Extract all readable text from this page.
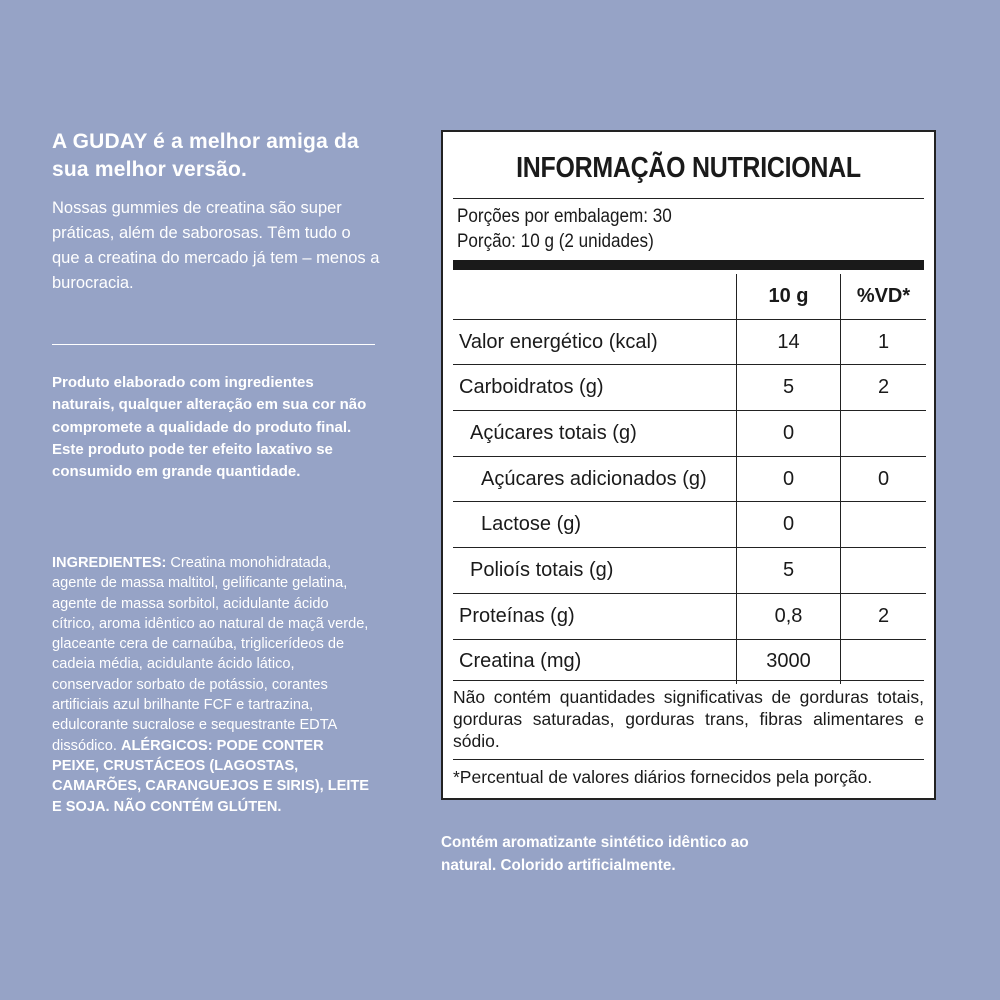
A GUDAY é a melhor amiga da sua melhor versão.

Nossas gummies de creatina são super práticas, além de saborosas. Têm tudo o que a creatina do mercado já tem – menos a burocracia.

Produto elaborado com ingredientes naturais, qualquer alteração em sua cor não compromete a qualidade do produto final.

Este produto pode ter efeito laxativo se consumido em grande quantidade.

INGREDIENTES: Creatina monohidratada, agente de massa maltitol, gelificante gelatina, agente de massa sorbitol, acidulante ácido cítrico, aroma idêntico ao natural de maçã verde, glaceante cera de carnaúba, triglicerídeos de cadeia média, acidulante ácido lático, conservador sorbato de potássio, corantes artificiais azul brilhante FCF e tartrazina, edulcorante sucralose e sequestrante EDTA dissódico. ALÉRGICOS: PODE CONTER PEIXE, CRUSTÁCEOS (LAGOSTAS, CAMARÕES, CARANGUEJOS E SIRIS), LEITE E SOJA. NÃO CONTÉM GLÚTEN.
INFORMAÇÃO NUTRICIONAL
Porções por embalagem: 30
Porção: 10 g (2 unidades)
	10 g	%VD*
Valor energético (kcal)	14	1
Carboidratos (g)	5	2
Açúcares totais (g)	0	
Açúcares adicionados (g)	0	0
Lactose (g)	0	
Polioís totais (g)	5	
Proteínas (g)	0,8	2
Creatina (mg)	3000	
Não contém quantidades significativas de gorduras totais, gorduras saturadas, gorduras trans, fibras alimentares e sódio.
*Percentual de valores diários fornecidos pela porção.
Contém aromatizante sintético idêntico ao natural. Colorido artificialmente.
